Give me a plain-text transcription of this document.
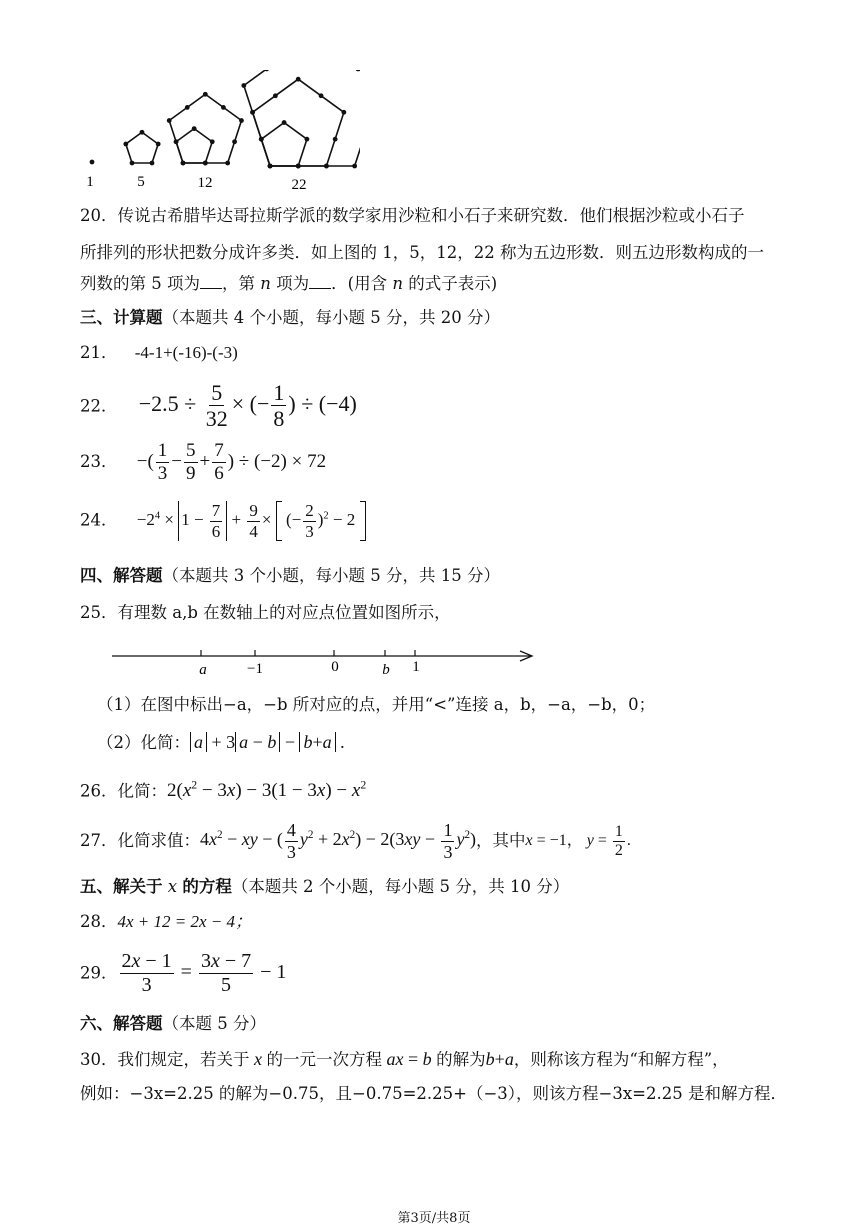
1	5	12	22
20．传说古希腊毕达哥拉斯学派的数学家用沙粒和小石子来研究数．他们根据沙粒或小石子
所排列的形状把数分成许多类．如上图的 1，5，12，22 称为五边形数．则五边形数构成的一
列数的第 5 项为 ，第 n 项为 ．(用含 n 的式子表示)
三、计算题（本题共 4 个小题，每小题 5 分，共 20 分）
21． -4-1+(-16)-(-3)
22． $-2.5 \div \frac{5}{32}$ × (− $\frac{1}{8}$ ) ÷ (−4)
23． −( $\frac{1}{3} - \frac{5}{9} + \frac{7}{6}$ ) ÷ (−2) × 72
24． $-2^4 \times 1 - \frac{7}{6} + \frac{9}{4}$ ×  (− $\frac{2}{3} )^2 - 2$
四、解答题（本题共 3 个小题，每小题 5 分，共 15 分）
25．有理数 a,b 在数轴上的对应点位置如图所示，
a	−1	0	b 1
（1）在图中标出−a，−b 所对应的点，并用“<”连接 a，b，−a，−b，0；
（2）化简： a + 3 a − b − b+a .
26．化简：$2(x^2 - 3x) - 3(1 - 3x) - x^2$
27．化简求值：$4x^2$ − xy − ( $\frac{4}{3} y^2 + 2x^2) - 2(3xy - \frac{1}{3} y^2)$，其中x = −1， $y = \frac{1}{2}$ .
五、解关于 x 的方程（本题共 2 个小题，每小题 5 分，共 10 分）
28．4x + 12 = 2x − 4；
29． $\frac{2x - 1}{3} = \frac{3x - 7}{5} - 1$
六、解答题（本题 5 分）
30．我们规定，若关于 x 的一元一次方程 ax = b 的解为b+a，则称该方程为“和解方程”，
例如：−3x=2.25 的解为−0.75，且−0.75=2.25+（−3），则该方程−3x=2.25 是和解方程．
第3页/共8页
